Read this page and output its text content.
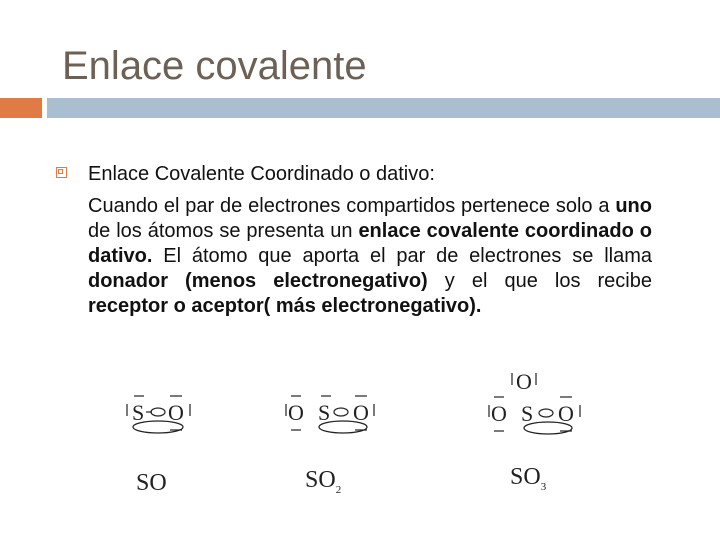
Enlace covalente
Enlace Covalente Coordinado o dativo:
Cuando el par de electrones compartidos pertenece solo a uno de los átomos se presenta un enlace covalente coordinado o dativo. El átomo que aporta el par de electrones se llama donador (menos electronegativo) y el que los recibe receptor o aceptor( más electronegativo).
S O	O S O
O
O S O
SO	$SO_2$	$SO_3$
